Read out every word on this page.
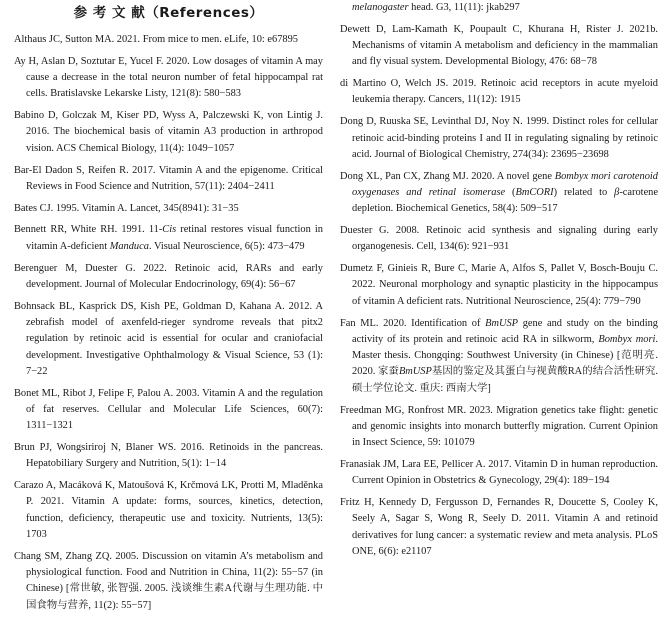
参 考 文 献（References）

Althaus JC, Sutton MA. 2021. From mice to men. eLife, 10: e67895

Ay H, Aslan D, Soztutar E, Yucel F. 2020. Low dosages of vitamin A may cause a decrease in the total neuron number of fetal hippocampal rat cells. Bratislavske Lekarske Listy, 121(8): 580−583

Babino D, Golczak M, Kiser PD, Wyss A, Palczewski K, von Lintig J. 2016. The biochemical basis of vitamin A3 production in arthropod vision. ACS Chemical Biology, 11(4): 1049−1057

Bar-El Dadon S, Reifen R. 2017. Vitamin A and the epigenome. Critical Reviews in Food Science and Nutrition, 57(11): 2404−2411

Bates CJ. 1995. Vitamin A. Lancet, 345(8941): 31−35

Bennett RR, White RH. 1991. 11-Cis retinal restores visual function in vitamin A-deficient Manduca. Visual Neuroscience, 6(5): 473−479

Berenguer M, Duester G. 2022. Retinoic acid, RARs and early development. Journal of Molecular Endocrinology, 69(4): 56−67

Bohnsack BL, Kasprick DS, Kish PE, Goldman D, Kahana A. 2012. A zebrafish model of axenfeld-rieger syndrome reveals that pitx2 regulation by retinoic acid is essential for ocular and craniofacial development. Investigative Ophthalmology & Visual Science, 53 (1): 7−22

Bonet ML, Ribot J, Felipe F, Palou A. 2003. Vitamin A and the regulation of fat reserves. Cellular and Molecular Life Sciences, 60(7): 1311−1321

Brun PJ, Wongsiriroj N, Blaner WS. 2016. Retinoids in the pancreas. Hepatobiliary Surgery and Nutrition, 5(1): 1−14

Carazo A, Macáková K, Matoušová K, Krčmová LK, Protti M, Mladěnka P. 2021. Vitamin A update: forms, sources, kinetics, detection, function, deficiency, therapeutic use and toxicity. Nutrients, 13(5): 1703

Chang SM, Zhang ZQ. 2005. Discussion on vitamin A’s metabolism and physiological function. Food and Nutrition in China, 11(2): 55−57 (in Chinese) [常世敏, 张智强. 2005. 浅谈维生素A代谢与生理功能. 中国食物与营养, 11(2): 55−57]

melanogaster head. G3, 11(11): jkab297

Dewett D, Lam-Kamath K, Poupault C, Khurana H, Rister J. 2021b. Mechanisms of vitamin A metabolism and deficiency in the mammalian and fly visual system. Developmental Biology, 476: 68−78

di Martino O, Welch JS. 2019. Retinoic acid receptors in acute myeloid leukemia therapy. Cancers, 11(12): 1915

Dong D, Ruuska SE, Levinthal DJ, Noy N. 1999. Distinct roles for cellular retinoic acid-binding proteins I and II in regulating signaling by retinoic acid. Journal of Biological Chemistry, 274(34): 23695−23698

Dong XL, Pan CX, Zhang MJ. 2020. A novel gene Bombyx mori carotenoid oxygenases and retinal isomerase (BmCORI) related to β-carotene depletion. Biochemical Genetics, 58(4): 509−517

Duester G. 2008. Retinoic acid synthesis and signaling during early organogenesis. Cell, 134(6): 921−931

Dumetz F, Ginieis R, Bure C, Marie A, Alfos S, Pallet V, Bosch-Bouju C. 2022. Neuronal morphology and synaptic plasticity in the hippocampus of vitamin A deficient rats. Nutritional Neuroscience, 25(4): 779−790

Fan ML. 2020. Identification of BmUSP gene and study on the binding activity of its protein and retinoic acid RA in silkworm, Bombyx mori. Master thesis. Chongqing: Southwest University (in Chinese) [范明亮. 2020. 家蚕BmUSP基因的鉴定及其蛋白与视黄酸RA的结合活性研究. 硕士学位论文. 重庆: 西南大学]

Freedman MG, Ronfrost MR. 2023. Migration genetics take flight: genetic and genomic insights into monarch butterfly migration. Current Opinion in Insect Science, 59: 101079

Franasiak JM, Lara EE, Pellicer A. 2017. Vitamin D in human reproduction. Current Opinion in Obstetrics & Gynecology, 29(4): 189−194

Fritz H, Kennedy D, Fergusson D, Fernandes R, Doucette S, Cooley K, Seely A, Sagar S, Wong R, Seely D. 2011. Vitamin A and retinoid derivatives for lung cancer: a systematic review and meta analysis. PLoS ONE, 6(6): e21107
